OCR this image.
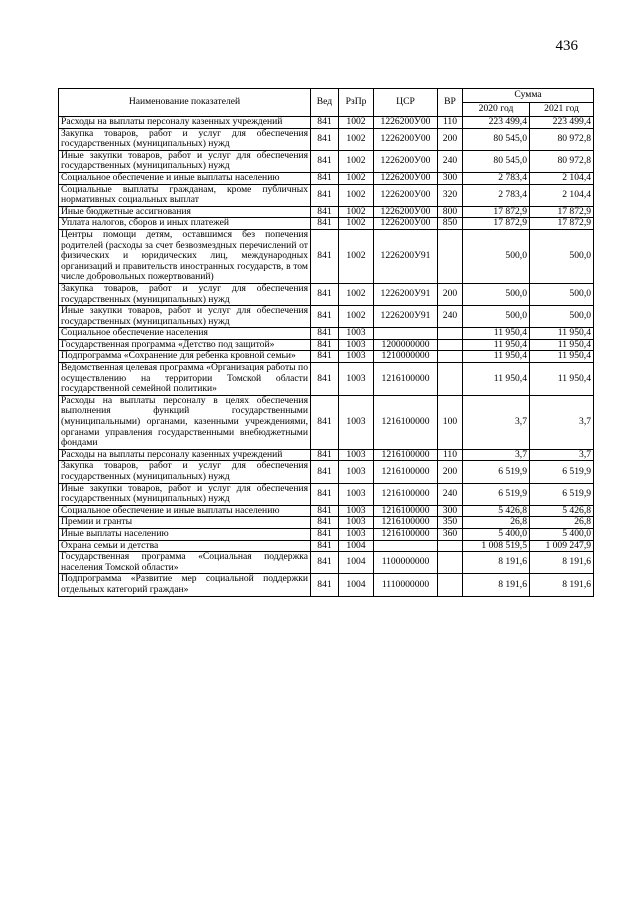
436
Наименование показателей	Вед	РзПр	ЦСР	ВР	Сумма	
					2020 год	2021 год
Расходы на выплаты персоналу казенных учреждений	841	1002	1226200У00	110	223 499,4	223 499,4
Закупка товаров, работ и услуг для обеспечения государственных (муниципальных) нужд	841	1002	1226200У00	200	80 545,0	80 972,8
Иные закупки товаров, работ и услуг для обеспечения государственных (муниципальных) нужд	841	1002	1226200У00	240	80 545,0	80 972,8
Социальное обеспечение и иные выплаты населению	841	1002	1226200У00	300	2 783,4	2 104,4
Социальные выплаты гражданам, кроме публичных нормативных социальных выплат	841	1002	1226200У00	320	2 783,4	2 104,4
Иные бюджетные ассигнования	841	1002	1226200У00	800	17 872,9	17 872,9
Уплата налогов, сборов и иных платежей	841	1002	1226200У00	850	17 872,9	17 872,9
Центры помощи детям, оставшимся без попечения родителей (расходы за счет безвозмездных перечислений от физических и юридических лиц, международных организаций и правительств иностранных государств, в том числе добровольных пожертвований)	841	1002	1226200У91		500,0	500,0
Закупка товаров, работ и услуг для обеспечения государственных (муниципальных) нужд	841	1002	1226200У91	200	500,0	500,0
Иные закупки товаров, работ и услуг для обеспечения государственных (муниципальных) нужд	841	1002	1226200У91	240	500,0	500,0
Социальное обеспечение населения	841	1003			11 950,4	11 950,4
Государственная программа «Детство под защитой»	841	1003	1200000000		11 950,4	11 950,4
Подпрограмма «Сохранение для ребенка кровной семьи»	841	1003	1210000000		11 950,4	11 950,4
Ведомственная целевая программа «Организация работы по осуществлению на территории Томской области государственной семейной политики»	841	1003	1216100000		11 950,4	11 950,4
Расходы на выплаты персоналу в целях обеспечения выполнения функций государственными (муниципальными) органами, казенными учреждениями, органами управления государственными внебюджетными фондами	841	1003	1216100000	100	3,7	3,7
Расходы на выплаты персоналу казенных учреждений	841	1003	1216100000	110	3,7	3,7
Закупка товаров, работ и услуг для обеспечения государственных (муниципальных) нужд	841	1003	1216100000	200	6 519,9	6 519,9
Иные закупки товаров, работ и услуг для обеспечения государственных (муниципальных) нужд	841	1003	1216100000	240	6 519,9	6 519,9
Социальное обеспечение и иные выплаты населению	841	1003	1216100000	300	5 426,8	5 426,8
Премии и гранты	841	1003	1216100000	350	26,8	26,8
Иные выплаты населению	841	1003	1216100000	360	5 400,0	5 400,0
Охрана семьи и детства	841	1004			1 008 519,5	1 009 247,9
Государственная программа «Социальная поддержка населения Томской области»	841	1004	1100000000		8 191,6	8 191,6
Подпрограмма «Развитие мер социальной поддержки отдельных категорий граждан»	841	1004	1110000000		8 191,6	8 191,6
